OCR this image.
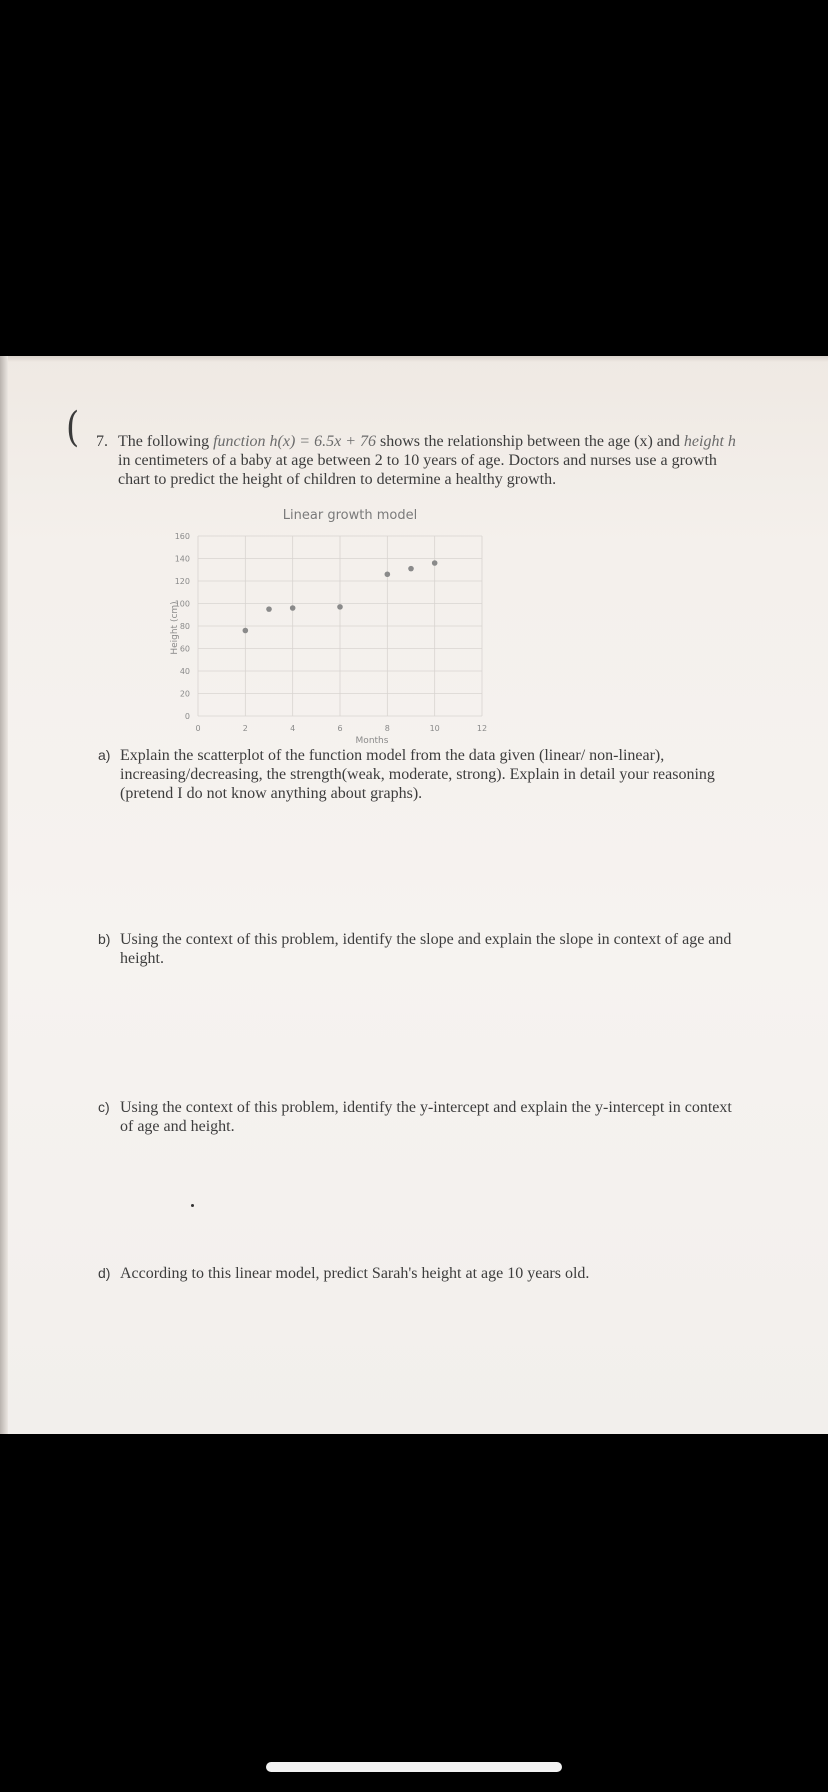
( 7. The following function h(x) = 6.5x + 76 shows the relationship between the age (x) and height h in centimeters of a baby at age between 2 to 10 years of age. Doctors and nurses use a growth chart to predict the height of children to determine a healthy growth.
Linear growth model
0
20
40
60
80
100
120
140
160
0	2	4	6	8	10	12
Months
Height (cm)
a) Explain the scatterplot of the function model from the data given (linear/ non-linear), increasing/decreasing, the strength(weak, moderate, strong). Explain in detail your reasoning (pretend I do not know anything about graphs).
b) Using the context of this problem, identify the slope and explain the slope in context of age and height.
c) Using the context of this problem, identify the y-intercept and explain the y-intercept in context of age and height.
d) According to this linear model, predict Sarah's height at age 10 years old.
